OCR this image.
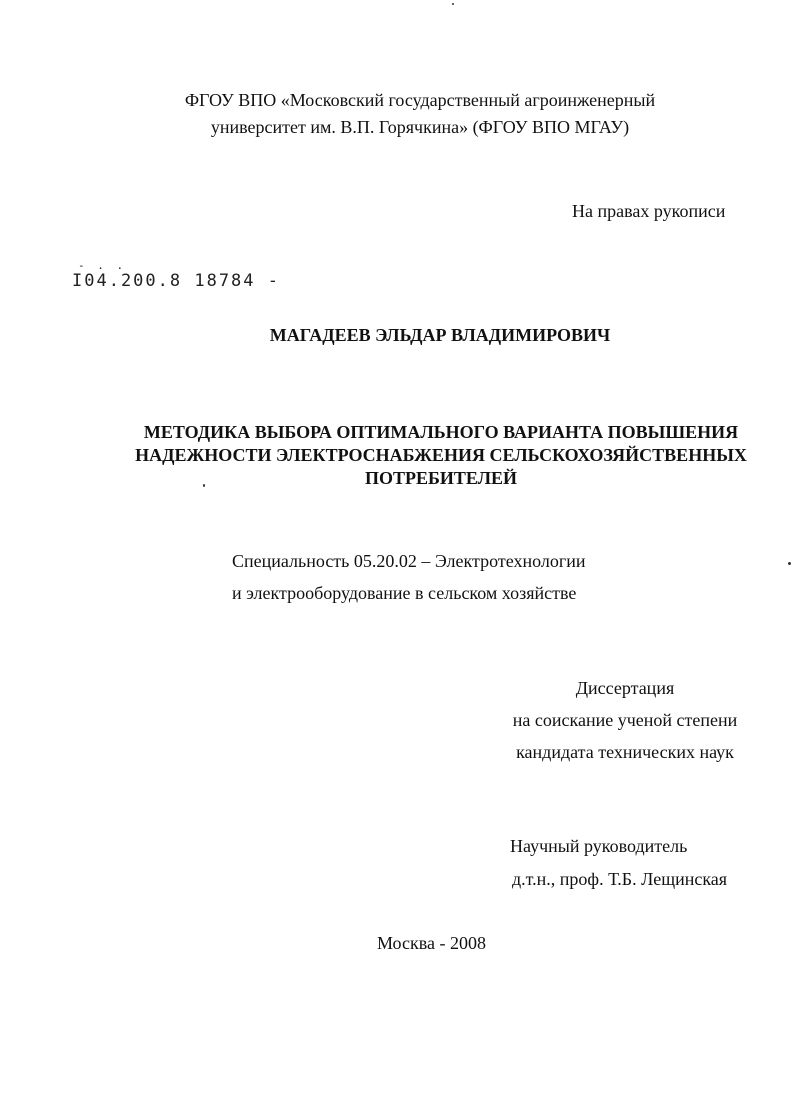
ФГОУ ВПО «Московский государственный агроинженерный
университет им. В.П. Горячкина» (ФГОУ ВПО МГАУ)
На правах рукописи
- . .
I04.200.8 18784 -
МАГАДЕЕВ ЭЛЬДАР ВЛАДИМИРОВИЧ
МЕТОДИКА ВЫБОРА ОПТИМАЛЬНОГО ВАРИАНТА ПОВЫШЕНИЯ
НАДЕЖНОСТИ ЭЛЕКТРОСНАБЖЕНИЯ СЕЛЬСКОХОЗЯЙСТВЕННЫХ
ПОТРЕБИТЕЛЕЙ
Специальность 05.20.02 – Электротехнологии
и электрооборудование в сельском хозяйстве
Диссертация
на соискание ученой степени
кандидата технических наук
Научный руководитель
д.т.н., проф. Т.Б. Лещинская
Москва - 2008
